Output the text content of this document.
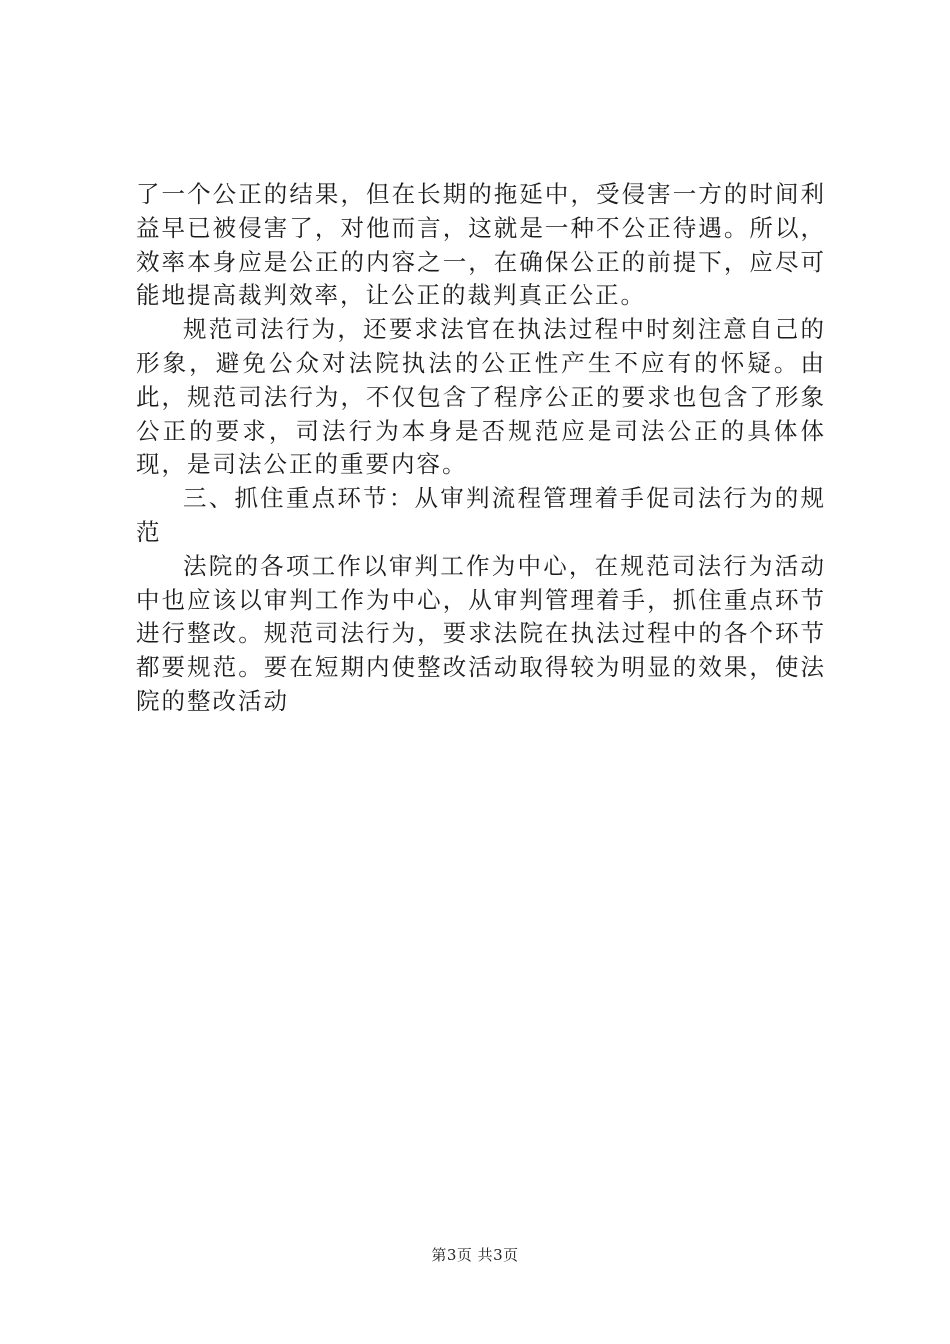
了一个公正的结果，但在长期的拖延中，受侵害一方的时间利益早已被侵害了，对他而言，这就是一种不公正待遇。所以，效率本身应是公正的内容之一，在确保公正的前提下，应尽可能地提高裁判效率，让公正的裁判真正公正。

规范司法行为，还要求法官在执法过程中时刻注意自己的形象，避免公众对法院执法的公正性产生不应有的怀疑。由此，规范司法行为，不仅包含了程序公正的要求也包含了形象公正的要求，司法行为本身是否规范应是司法公正的具体体现，是司法公正的重要内容。

三、抓住重点环节：从审判流程管理着手促司法行为的规范

法院的各项工作以审判工作为中心，在规范司法行为活动中也应该以审判工作为中心，从审判管理着手，抓住重点环节进行整改。规范司法行为，要求法院在执法过程中的各个环节都要规范。要在短期内使整改活动取得较为明显的效果，使法院的整改活动

第3页 共3页
